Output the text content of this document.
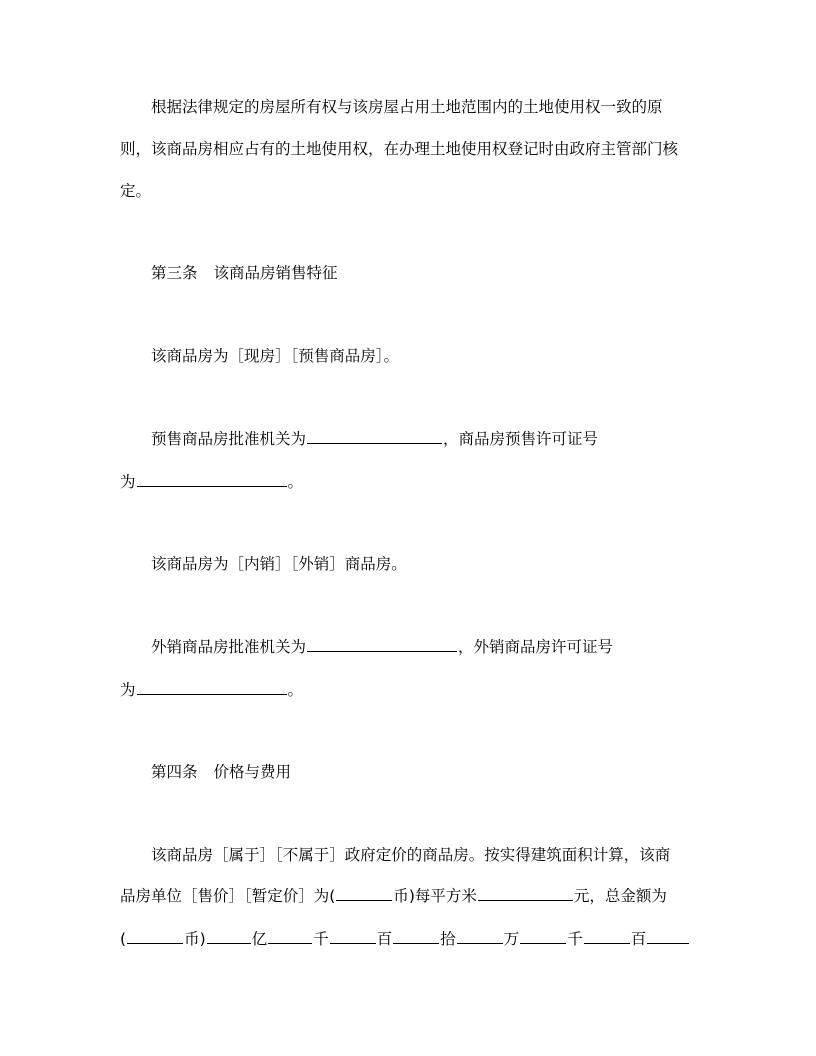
根据法律规定的房屋所有权与该房屋占用土地范围内的土地使用权一致的原
则，该商品房相应占有的土地使用权，在办理土地使用权登记时由政府主管部门核
定。
第三条 该商品房销售特征
该商品房为［现房］［预售商品房］。
预售商品房批准机关为	，商品房预售许可证号
为	。
该商品房为［内销］［外销］商品房。
外销商品房批准机关为	，外销商品房许可证号
为	。
第四条 价格与费用
该商品房［属于］［不属于］政府定价的商品房。按实得建筑面积计算，该商
品房单位［售价］［暂定价］为(	币)每平方米	元，总金额为
(	币)	亿	千	百	拾	万	千	百
